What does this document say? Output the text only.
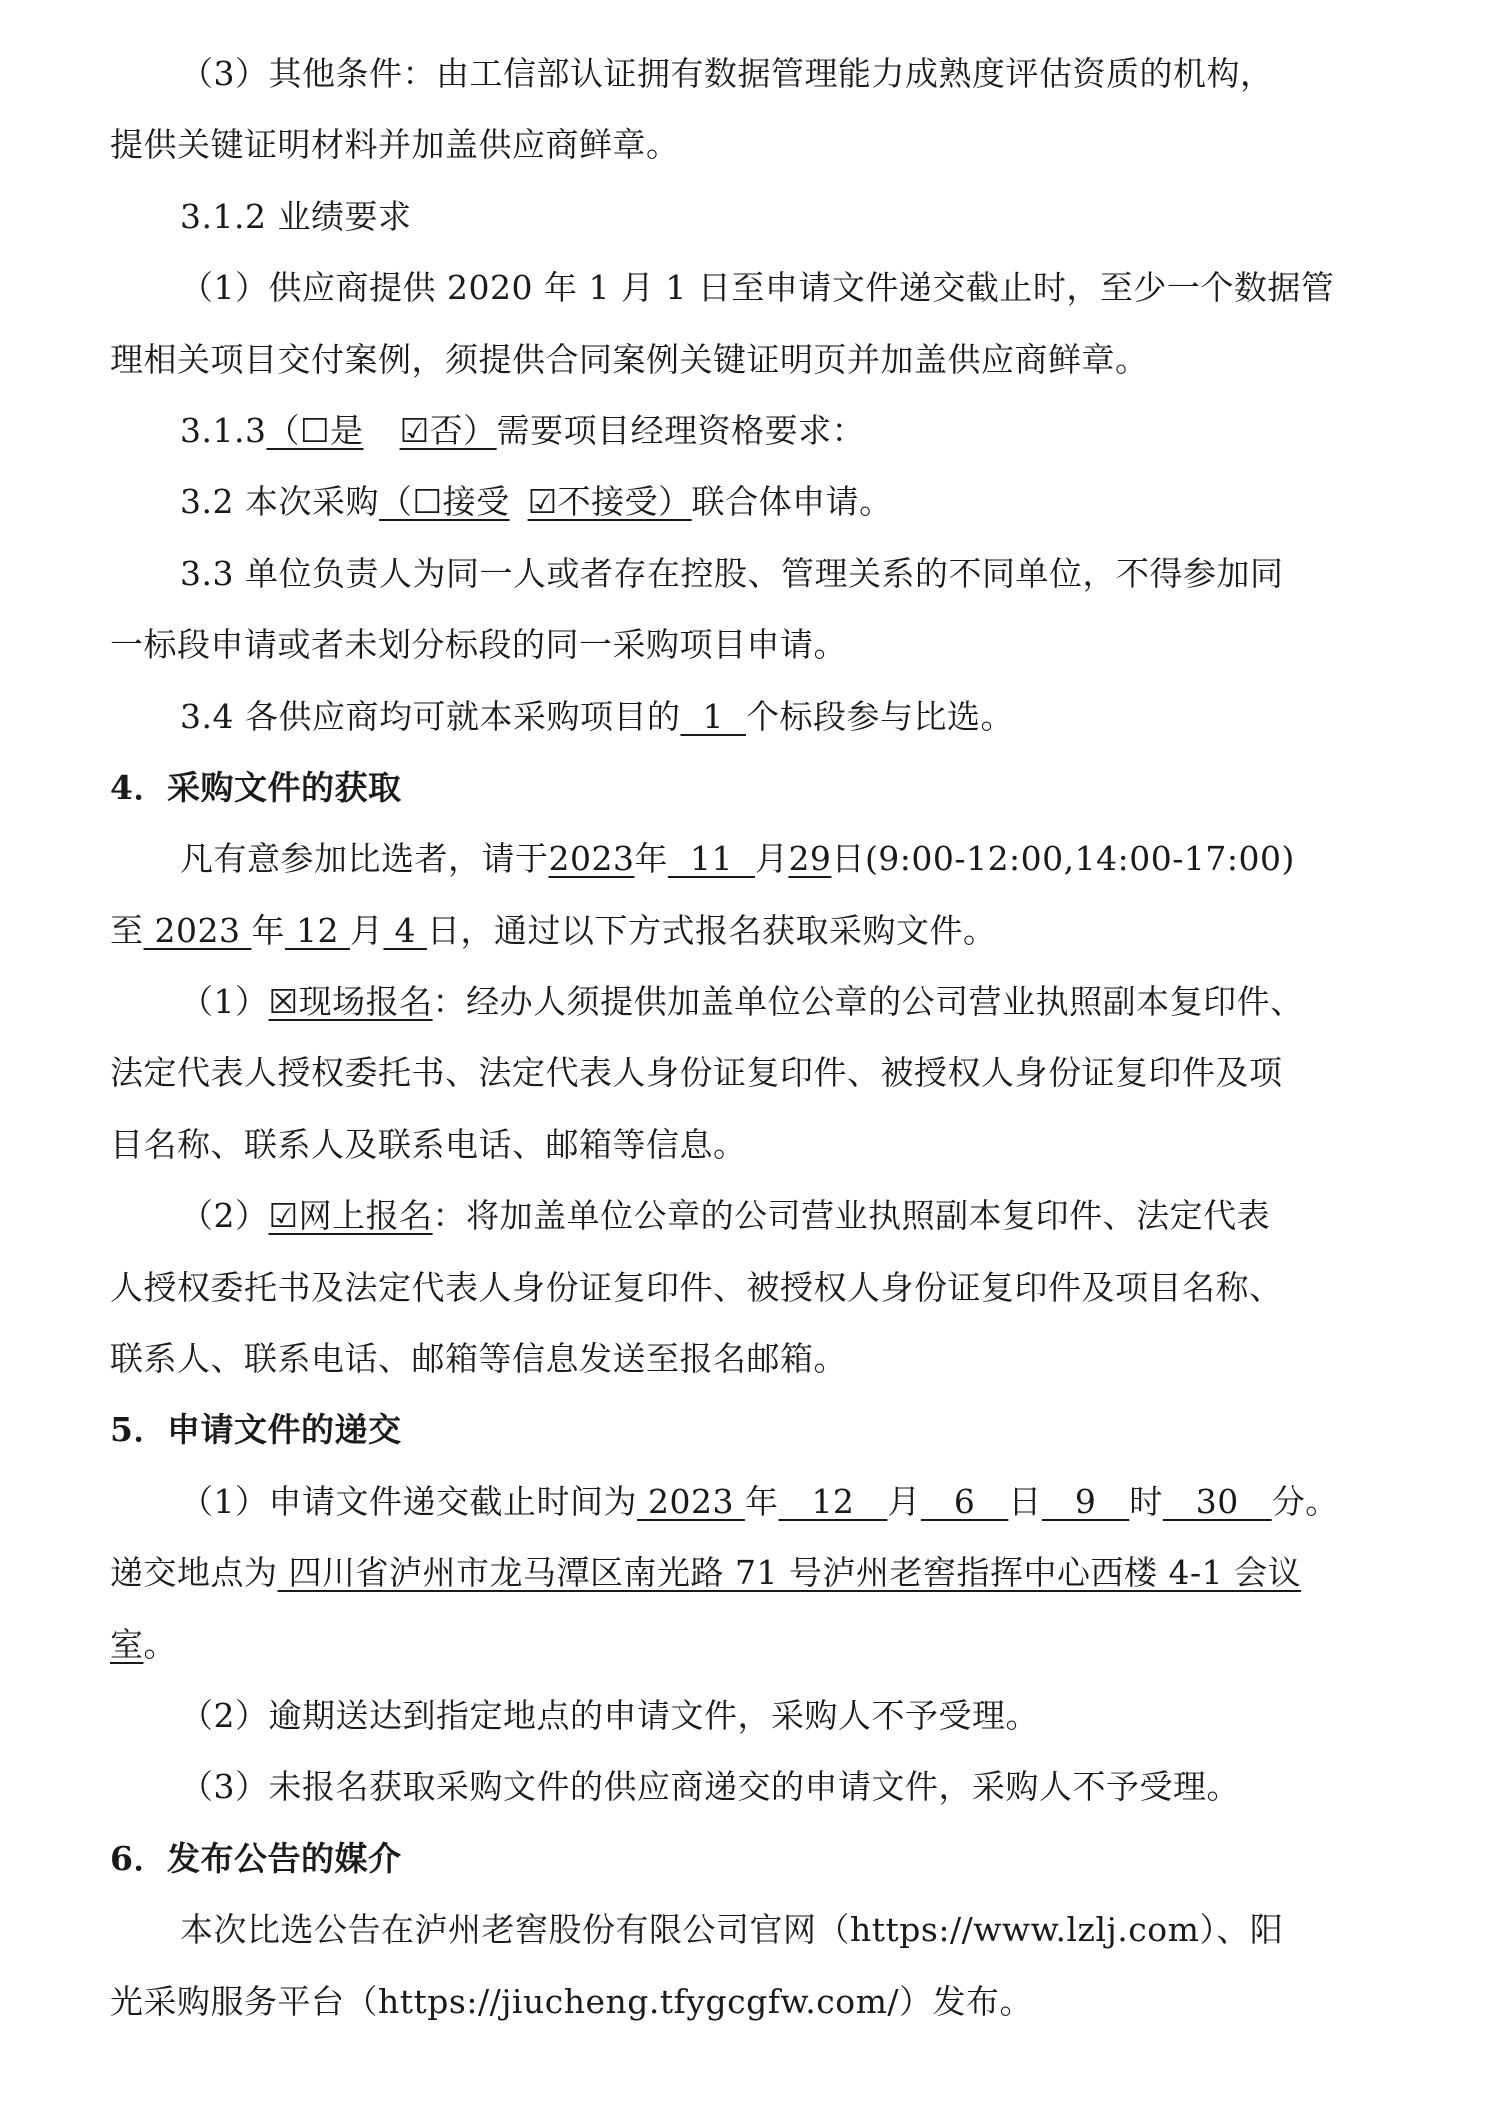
（3）其他条件：由工信部认证拥有数据管理能力成熟度评估资质的机构，
提供关键证明材料并加盖供应商鲜章。
3.1.2 业绩要求
（1）供应商提供 2020 年 1 月 1 日至申请文件递交截止时，至少一个数据管
理相关项目交付案例，须提供合同案例关键证明页并加盖供应商鲜章。
3.1.3（☐是 ☑否）需要项目经理资格要求：
3.2 本次采购（☐接受 ☑不接受）联合体申请。
3.3 单位负责人为同一人或者存在控股、管理关系的不同单位，不得参加同
一标段申请或者未划分标段的同一采购项目申请。
3.4 各供应商均可就本采购项目的  1  个标段参与比选。
4．采购文件的获取
凡有意参加比选者，请于2023年  11  月29日(9:00-12:00,14:00-17:00)
至 2023 年 12 月 4 日，通过以下方式报名获取采购文件。
（1）☒现场报名：经办人须提供加盖单位公章的公司营业执照副本复印件、
法定代表人授权委托书、法定代表人身份证复印件、被授权人身份证复印件及项
目名称、联系人及联系电话、邮箱等信息。
（2）☑网上报名：将加盖单位公章的公司营业执照副本复印件、法定代表
人授权委托书及法定代表人身份证复印件、被授权人身份证复印件及项目名称、
联系人、联系电话、邮箱等信息发送至报名邮箱。
5．申请文件的递交
（1）申请文件递交截止时间为 2023 年   12   月   6   日   9   时   30   分。
递交地点为 四川省泸州市龙马潭区南光路 71 号泸州老窖指挥中心西楼 4-1 会议
室。
（2）逾期送达到指定地点的申请文件，采购人不予受理。
（3）未报名获取采购文件的供应商递交的申请文件，采购人不予受理。
6．发布公告的媒介
本次比选公告在泸州老窖股份有限公司官网（https://www.lzlj.com）、阳
光采购服务平台（https://jiucheng.tfygcgfw.com/）发布。
